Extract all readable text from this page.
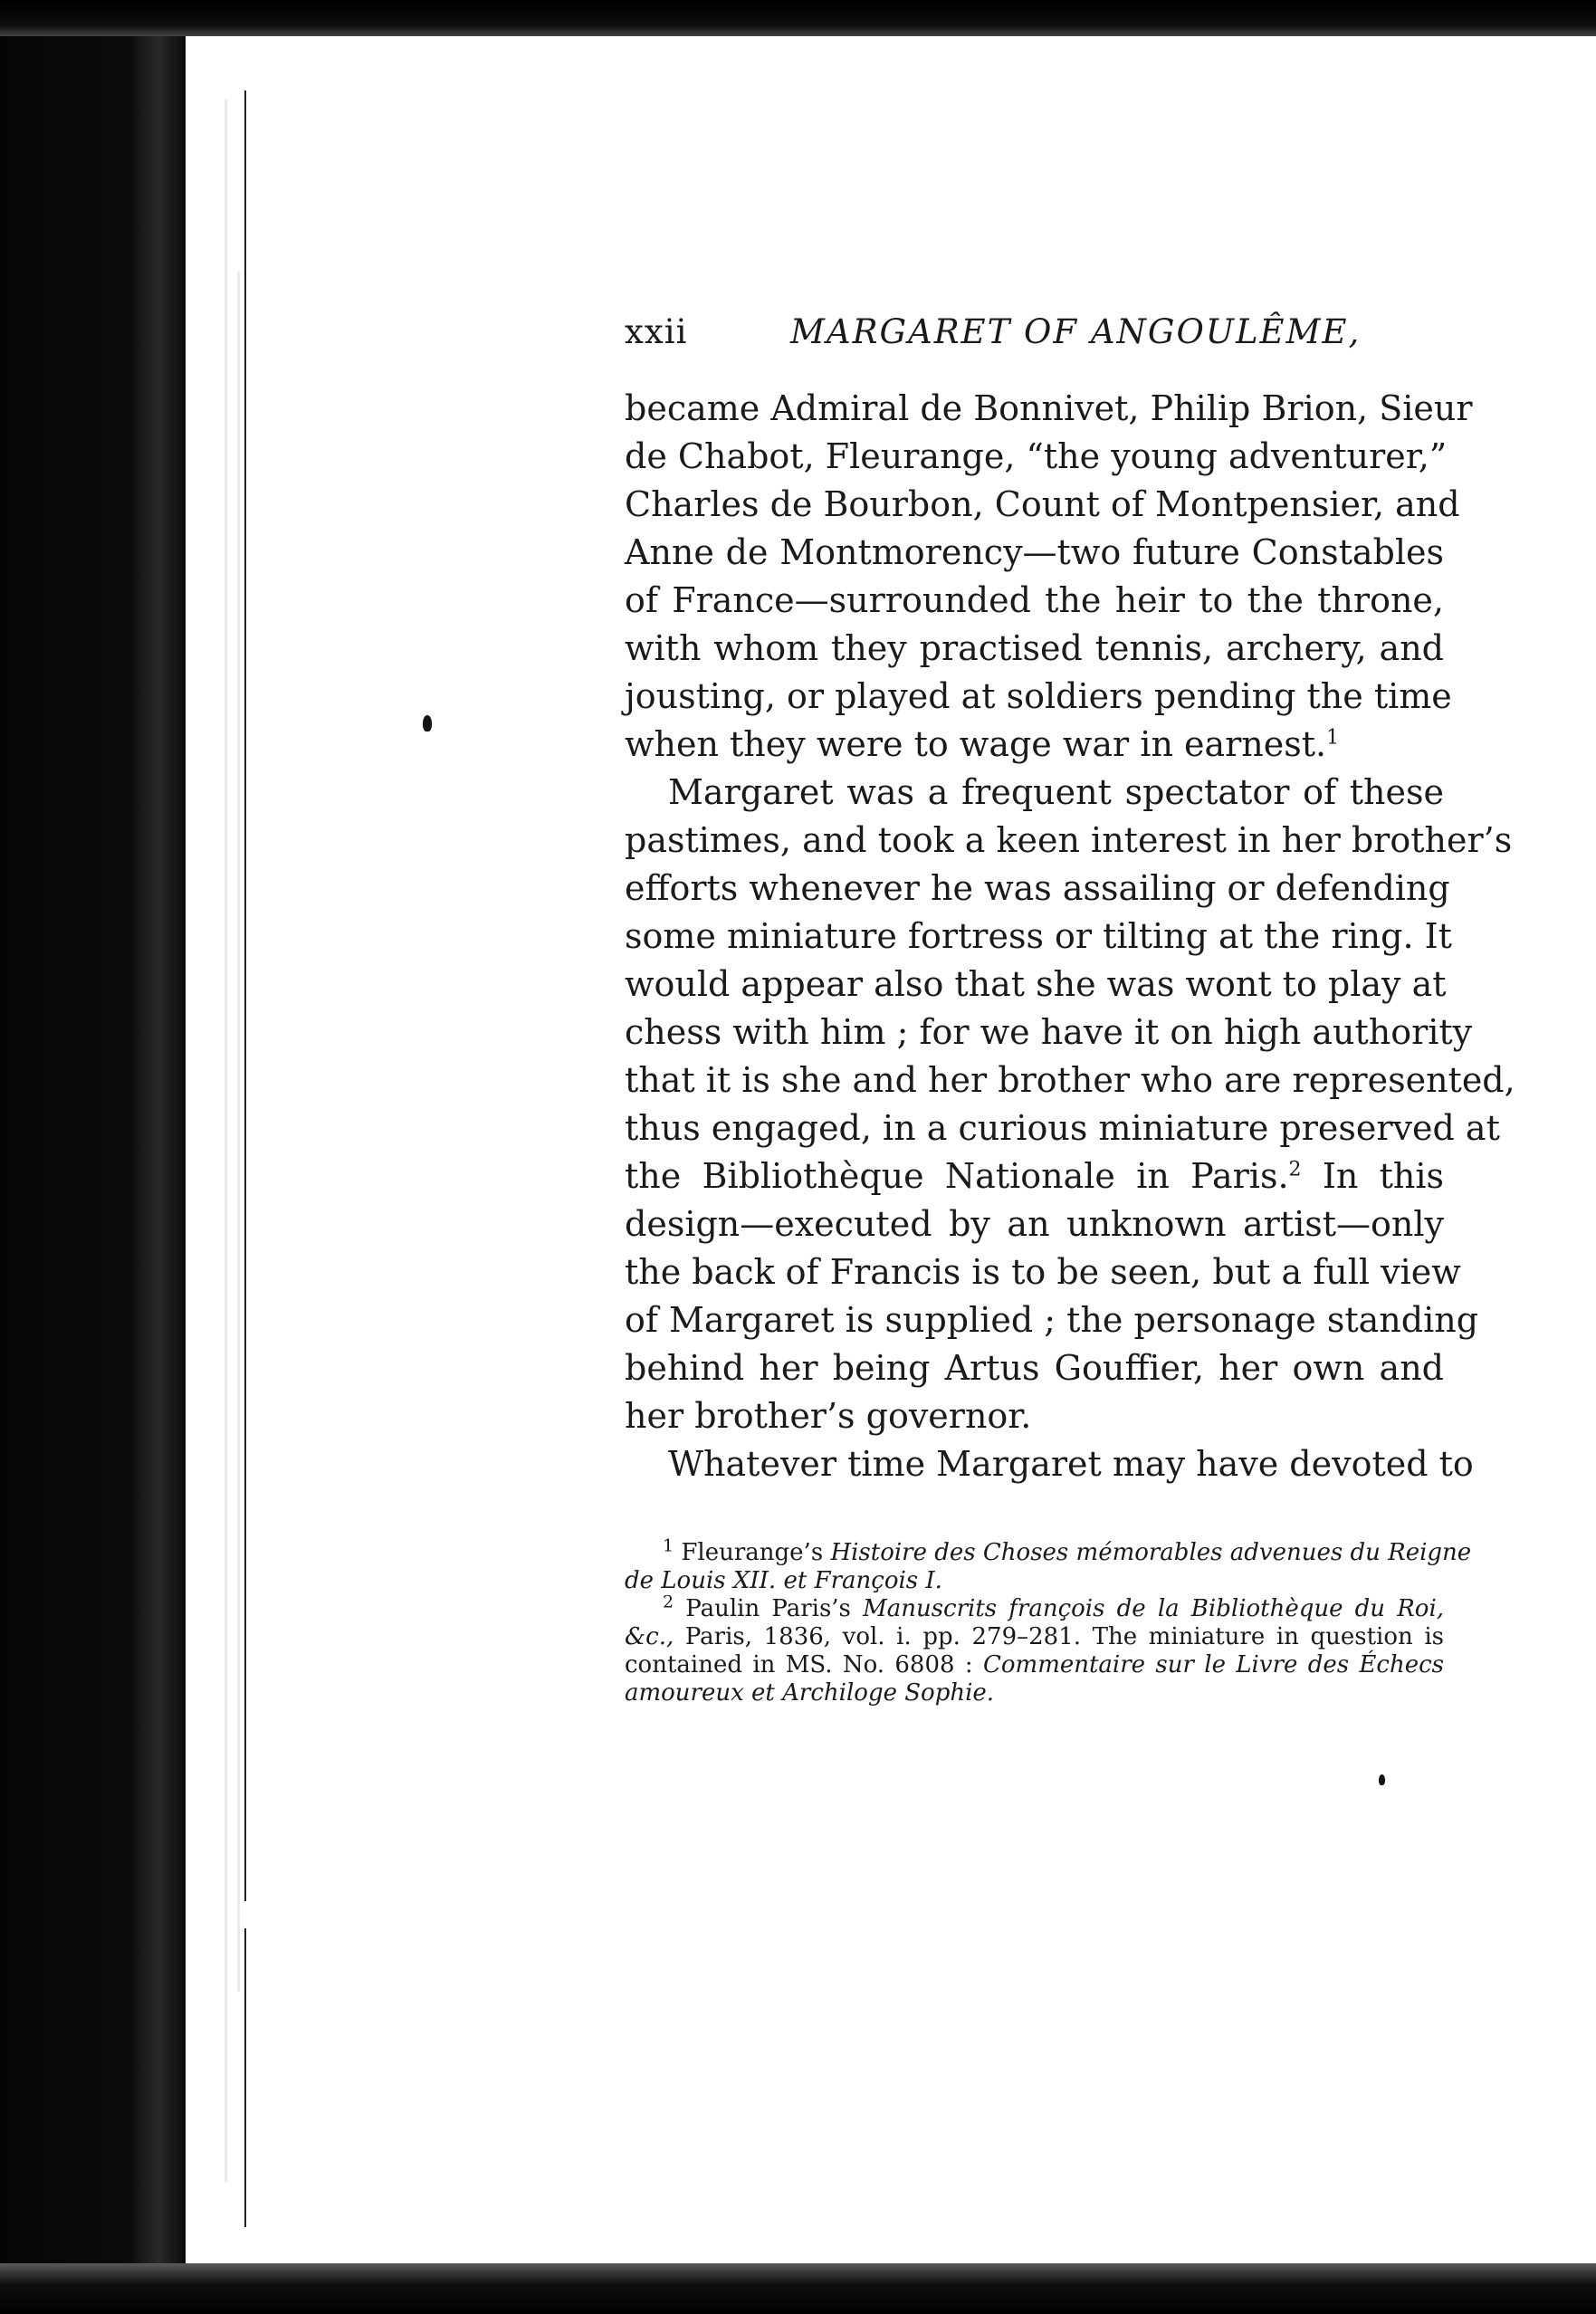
xxii	MARGARET OF ANGOULÊME,
became Admiral de Bonnivet, Philip Brion, Sieur
de Chabot, Fleurange, “the young adventurer,”
Charles de Bourbon, Count of Montpensier, and
Anne de Montmorency—two future Constables
of France—surrounded the heir to the throne,
with whom they practised tennis, archery, and
jousting, or played at soldiers pending the time
when they were to wage war in earnest.$^1$
Margaret was a frequent spectator of these
pastimes, and took a keen interest in her brother’s
efforts whenever he was assailing or defending
some miniature fortress or tilting at the ring. It
would appear also that she was wont to play at
chess with him ; for we have it on high authority
that it is she and her brother who are represented,
thus engaged, in a curious miniature preserved at
the Bibliothèque Nationale in Paris.$^2$ In this
design—executed by an unknown artist—only
the back of Francis is to be seen, but a full view
of Margaret is supplied ; the personage standing
behind her being Artus Gouffier, her own and
her brother’s governor.
Whatever time Margaret may have devoted to
$^1$ Fleurange’s Histoire des Choses mémorables advenues du Reigne
de Louis XII. et François I.
$^2$ Paulin Paris’s Manuscrits françois de la Bibliothèque du Roi,
&c., Paris, 1836, vol. i. pp. 279–281. The miniature in question is
contained in MS. No. 6808 : Commentaire sur le Livre des Échecs
amoureux et Archiloge Sophie.
